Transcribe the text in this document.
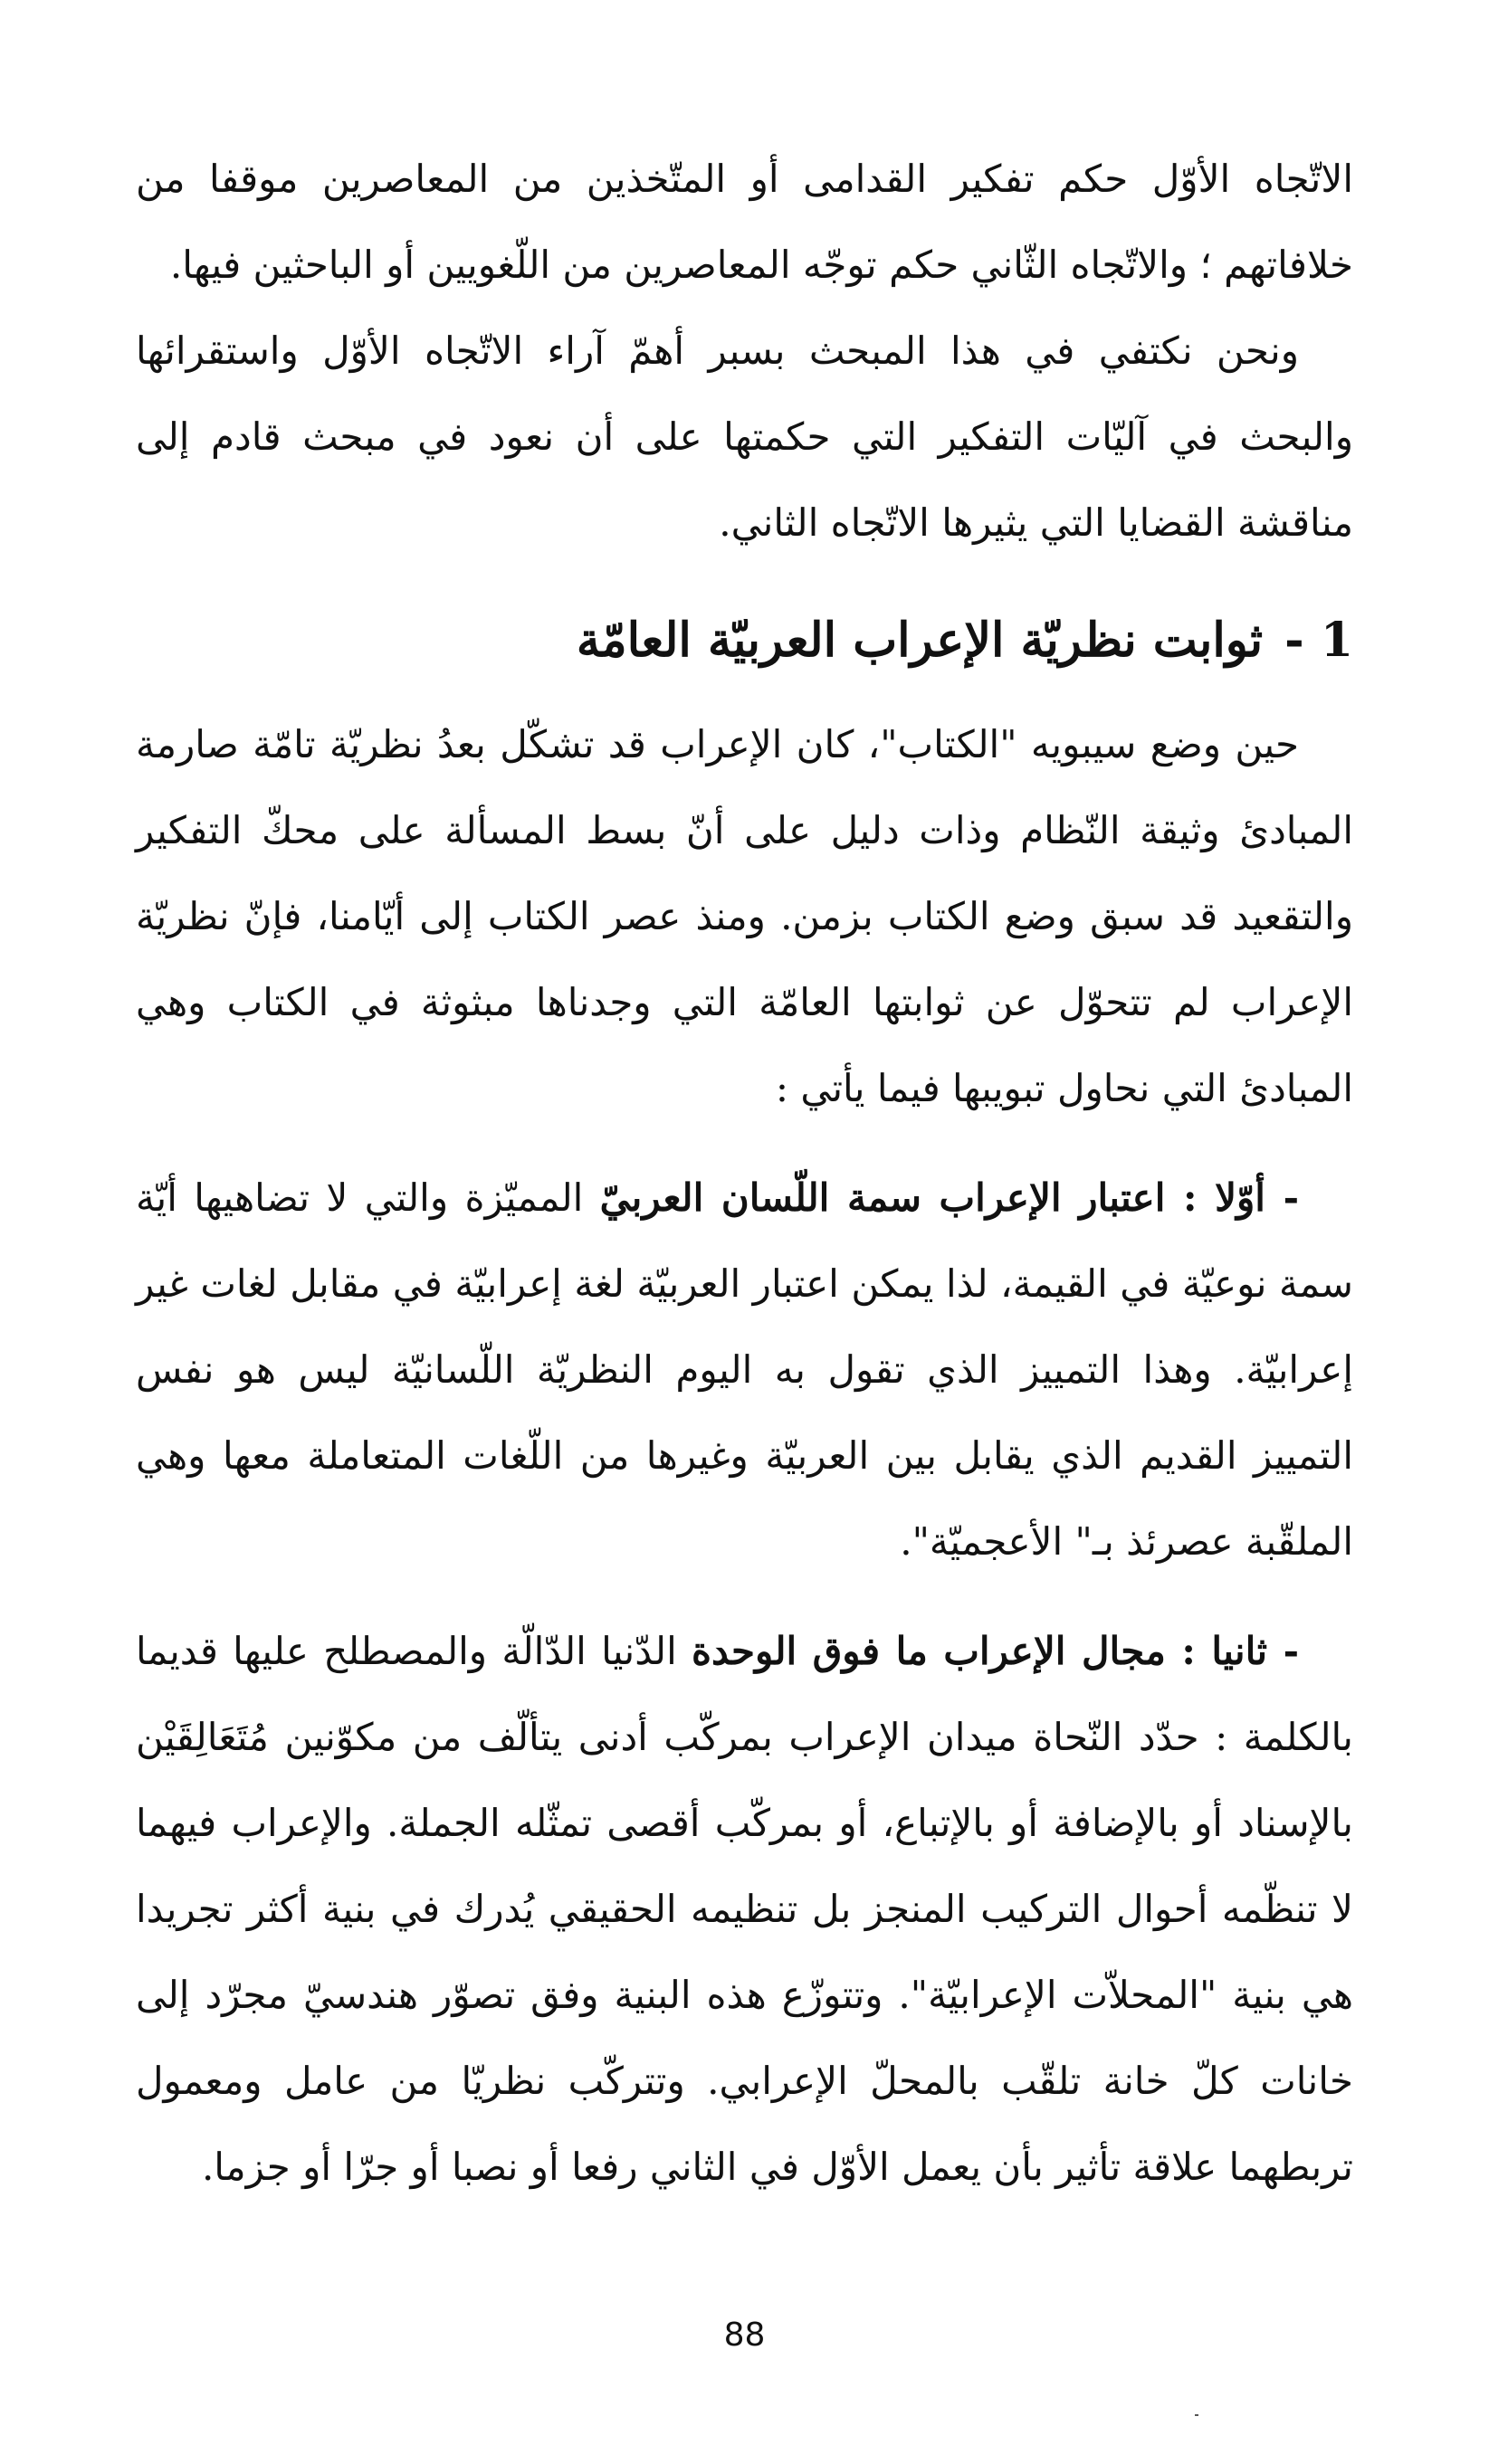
الاتّجاه الأوّل حكم تفكير القدامى أو المتّخذين من المعاصرين موقفا من خلافاتهم ؛ والاتّجاه الثّاني حكم توجّه المعاصرين من اللّغويين أو الباحثين فيها.

ونحن نكتفي في هذا المبحث بسبر أهمّ آراء الاتّجاه الأوّل واستقرائها والبحث في آليّات التفكير التي حكمتها على أن نعود في مبحث قادم إلى مناقشة القضايا التي يثيرها الاتّجاه الثاني.

1 -ثوابت نظريّة الإعراب العربيّة العامّة

حين وضع سيبويه "الكتاب"، كان الإعراب قد تشكّل بعدُ نظريّة تامّة صارمة المبادئ وثيقة النّظام وذات دليل على أنّ بسط المسألة على محكّ التفكير والتقعيد قد سبق وضع الكتاب بزمن. ومنذ عصر الكتاب إلى أيّامنا، فإنّ نظريّة الإعراب لم تتحوّل عن ثوابتها العامّة التي وجدناها مبثوثة في الكتاب وهي المبادئ التي نحاول تبويبها فيما يأتي :

- أوّلا : اعتبار الإعراب سمة اللّسان العربيّ المميّزة والتي لا تضاهيها أيّة سمة نوعيّة في القيمة، لذا يمكن اعتبار العربيّة لغة إعرابيّة في مقابل لغات غير إعرابيّة. وهذا التمييز الذي تقول به اليوم النظريّة اللّسانيّة ليس هو نفس التمييز القديم الذي يقابل بين العربيّة وغيرها من اللّغات المتعاملة معها وهي الملقّبة عصرئذ بـ" الأعجميّة".

- ثانيا : مجال الإعراب ما فوق الوحدة الدّنيا الدّالّة والمصطلح عليها قديما بالكلمة : حدّد النّحاة ميدان الإعراب بمركّب أدنى يتألّف من مكوّنين مُتَعَالِقَيْن بالإسناد أو بالإضافة أو بالإتباع، أو بمركّب أقصى تمثّله الجملة. والإعراب فيهما لا تنظّمه أحوال التركيب المنجز بل تنظيمه الحقيقي يُدرك في بنية أكثر تجريدا هي بنية "المحلاّت الإعرابيّة". وتتوزّع هذه البنية وفق تصوّر هندسيّ مجرّد إلى خانات كلّ خانة تلقّب بالمحلّ الإعرابي. وتتركّب نظريّا من عامل ومعمول تربطهما علاقة تأثير بأن يعمل الأوّل في الثاني رفعا أو نصبا أو جرّا أو جزما.

88
